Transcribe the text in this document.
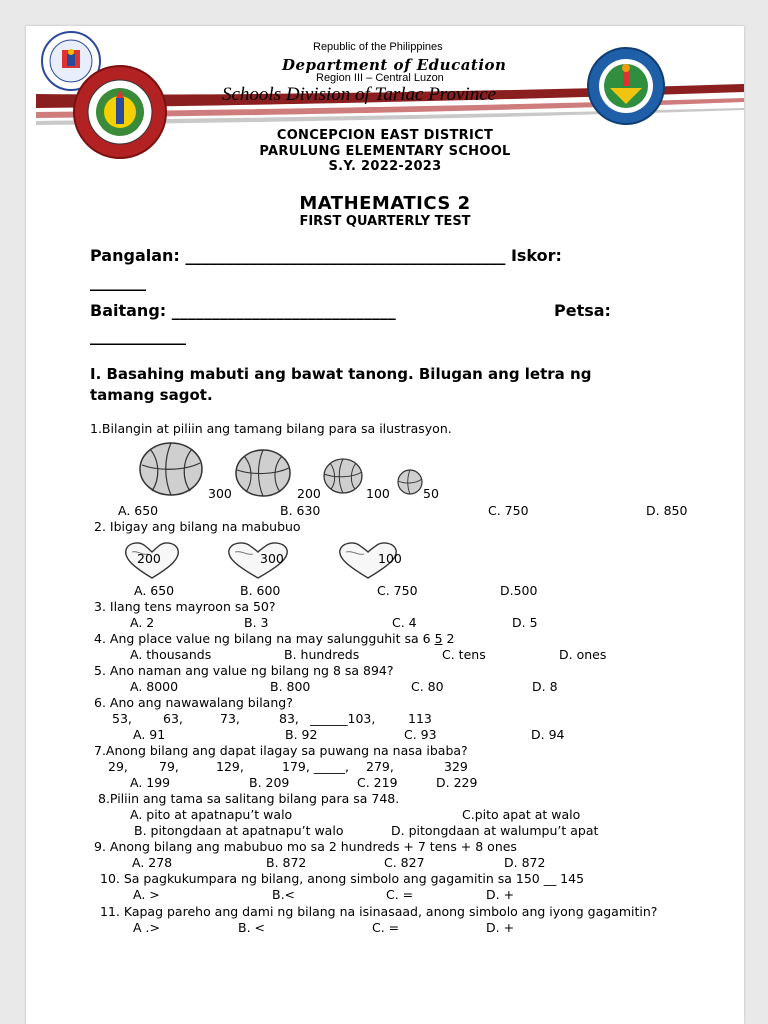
Republic of the Philippines
Department of Education
Region III – Central Luzon
Schools Division of Tarlac Province
CONCEPCION EAST DISTRICT
PARULUNG ELEMENTARY SCHOOL
S.Y. 2022-2023
MATHEMATICS 2
FIRST QUARTERLY TEST
Pangalan: ________________________________________ Iskor:
_______
Baitang: ____________________________	Petsa:
____________
I. Basahing mabuti ang bawat tanong. Bilugan ang letra ng
tamang sagot.
1.Bilangin at piliin ang tamang bilang para sa ilustrasyon.
300	200	100	50
A. 650	B. 630	C. 750	D. 850
2. Ibigay ang bilang na mabubuo
200	300	100
A. 650	B. 600	C. 750	D.500
3. Ilang tens mayroon sa 50?
A. 2	B. 3	C. 4	D. 5
4. Ang place value ng bilang na may salungguhit sa 6 5 2
A. thousands	B. hundreds	C. tens	D. ones
5. Ano naman ang value ng bilang ng 8 sa 894?
A. 8000	B. 800	C. 80	D. 8
6. Ano ang nawawalang bilang?
53, 63,	73,	83, ______103,	113
A. 91	B. 92	C. 93	D. 94
7.Anong bilang ang dapat ilagay sa puwang na nasa ibaba?
29, 79,	129,	179, _____, 279,	329
A. 199	B. 209	C. 219	D. 229
8.Piliin ang tama sa salitang bilang para sa 748.
A. pito at apatnapu’t walo	C.pito apat at walo
B. pitongdaan at apatnapu’t walo	D. pitongdaan at walumpu’t apat
9. Anong bilang ang mabubuo mo sa 2 hundreds + 7 tens + 8 ones
A. 278	B. 872	C. 827	D. 872
10. Sa pagkukumpara ng bilang, anong simbolo ang gagamitin sa 150 __ 145
A. >	B.<	C. =	D. +
11. Kapag pareho ang dami ng bilang na isinasaad, anong simbolo ang iyong gagamitin?
A .>	B. <	C. =	D. +
